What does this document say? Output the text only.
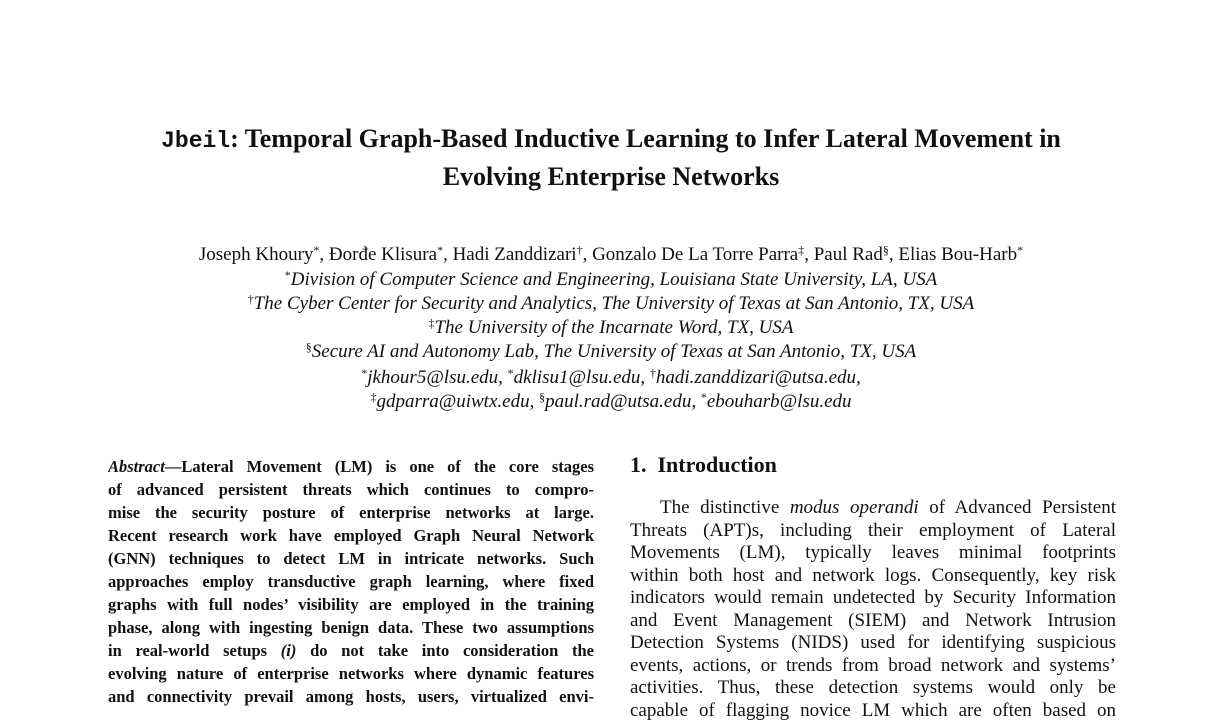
Jbeil: Temporal Graph-Based Inductive Learning to Infer Lateral Movement in
Evolving Enterprise Networks
Joseph Khoury*, Đorđe Klisura*, Hadi Zanddizari†, Gonzalo De La Torre Parra‡, Paul Rad§, Elias Bou-Harb*
*Division of Computer Science and Engineering, Louisiana State University, LA, USA
†The Cyber Center for Security and Analytics, The University of Texas at San Antonio, TX, USA
‡The University of the Incarnate Word, TX, USA
§Secure AI and Autonomy Lab, The University of Texas at San Antonio, TX, USA
*jkhour5@lsu.edu, *dklisu1@lsu.edu, †hadi.zanddizari@utsa.edu,
‡gdparra@uiwtx.edu, §paul.rad@utsa.edu, *ebouharb@lsu.edu
Abstract—Lateral Movement (LM) is one of the core stages
of advanced persistent threats which continues to compro-
mise the security posture of enterprise networks at large.
Recent research work have employed Graph Neural Network
(GNN) techniques to detect LM in intricate networks. Such
approaches employ transductive graph learning, where fixed
graphs with full nodes’ visibility are employed in the training
phase, along with ingesting benign data. These two assumptions
in real-world setups (i) do not take into consideration the
evolving nature of enterprise networks where dynamic features
and connectivity prevail among hosts, users, virtualized envi-
1. Introduction
The distinctive modus operandi of Advanced Persistent
Threats (APT)s, including their employment of Lateral
Movements (LM), typically leaves minimal footprints
within both host and network logs. Consequently, key risk
indicators would remain undetected by Security Information
and Event Management (SIEM) and Network Intrusion
Detection Systems (NIDS) used for identifying suspicious
events, actions, or trends from broad network and systems’
activities. Thus, these detection systems would only be
capable of flagging novice LM which are often based on
